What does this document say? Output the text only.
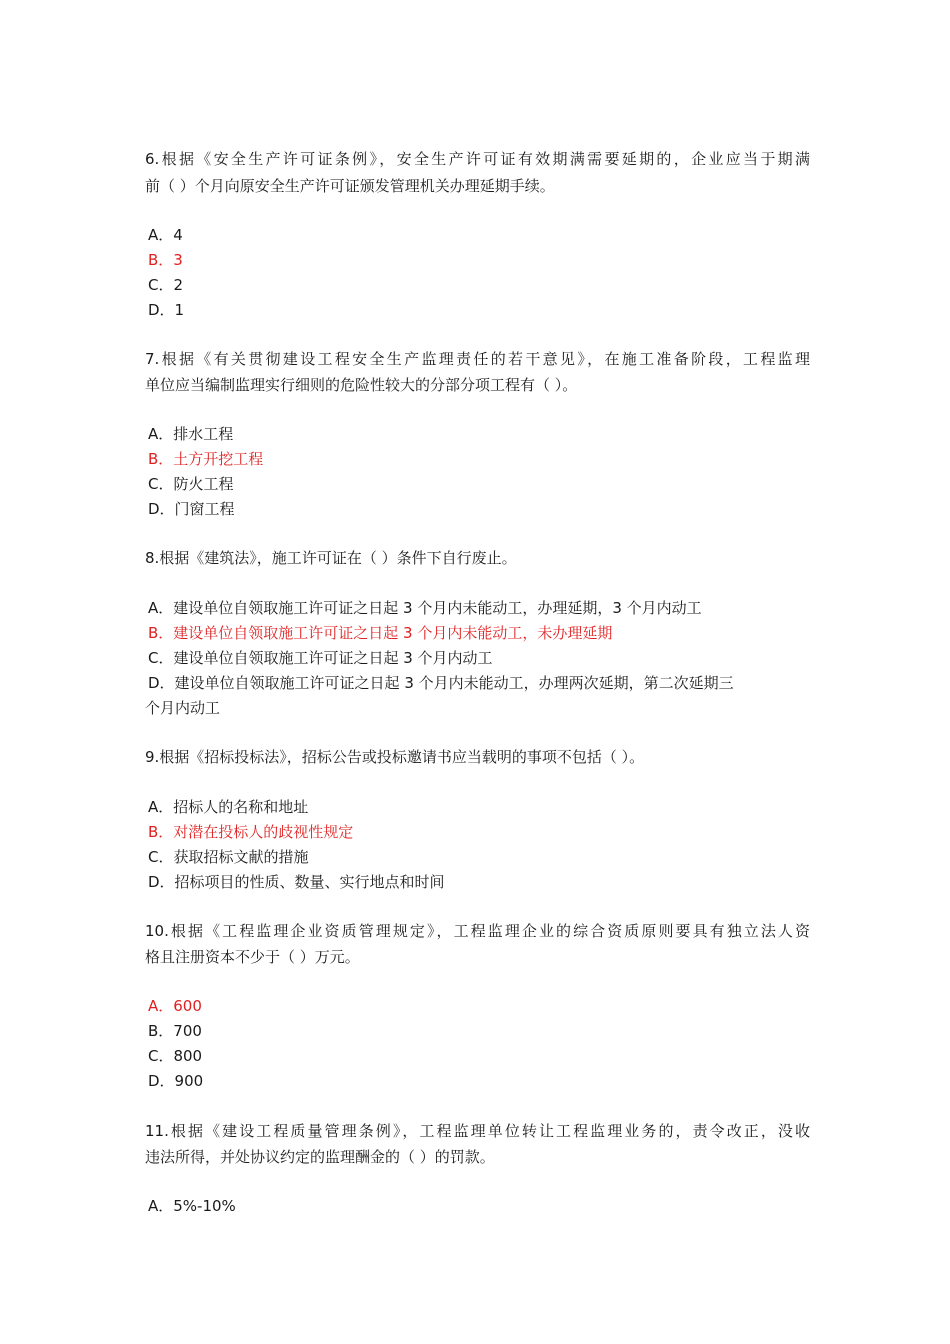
6.根据《安全生产许可证条例》，安全生产许可证有效期满需要延期的，企业应当于期满
前（ ）个月向原安全生产许可证颁发管理机关办理延期手续。
A．4
B．3
C．2
D．1
7.根据《有关贯彻建设工程安全生产监理责任的若干意见》，在施工准备阶段，工程监理
单位应当编制监理实行细则的危险性较大的分部分项工程有（ ）。
A．排水工程
B．土方开挖工程
C．防火工程
D．门窗工程
8.根据《建筑法》，施工许可证在（ ）条件下自行废止。
A．建设单位自领取施工许可证之日起 3 个月内未能动工，办理延期，3 个月内动工
B．建设单位自领取施工许可证之日起 3 个月内未能动工，未办理延期
C．建设单位自领取施工许可证之日起 3 个月内动工
D．建设单位自领取施工许可证之日起 3 个月内未能动工，办理两次延期，第二次延期三
个月内动工
9.根据《招标投标法》，招标公告或投标邀请书应当载明的事项不包括（ ）。
A．招标人的名称和地址
B．对潜在投标人的歧视性规定
C．获取招标文献的措施
D．招标项目的性质、数量、实行地点和时间
10.根据《工程监理企业资质管理规定》，工程监理企业的综合资质原则要具有独立法人资
格且注册资本不少于（ ）万元。
A．600
B．700
C．800
D．900
11.根据《建设工程质量管理条例》，工程监理单位转让工程监理业务的，责令改正，没收
违法所得，并处协议约定的监理酬金的（ ）的罚款。
A．5%-10%
